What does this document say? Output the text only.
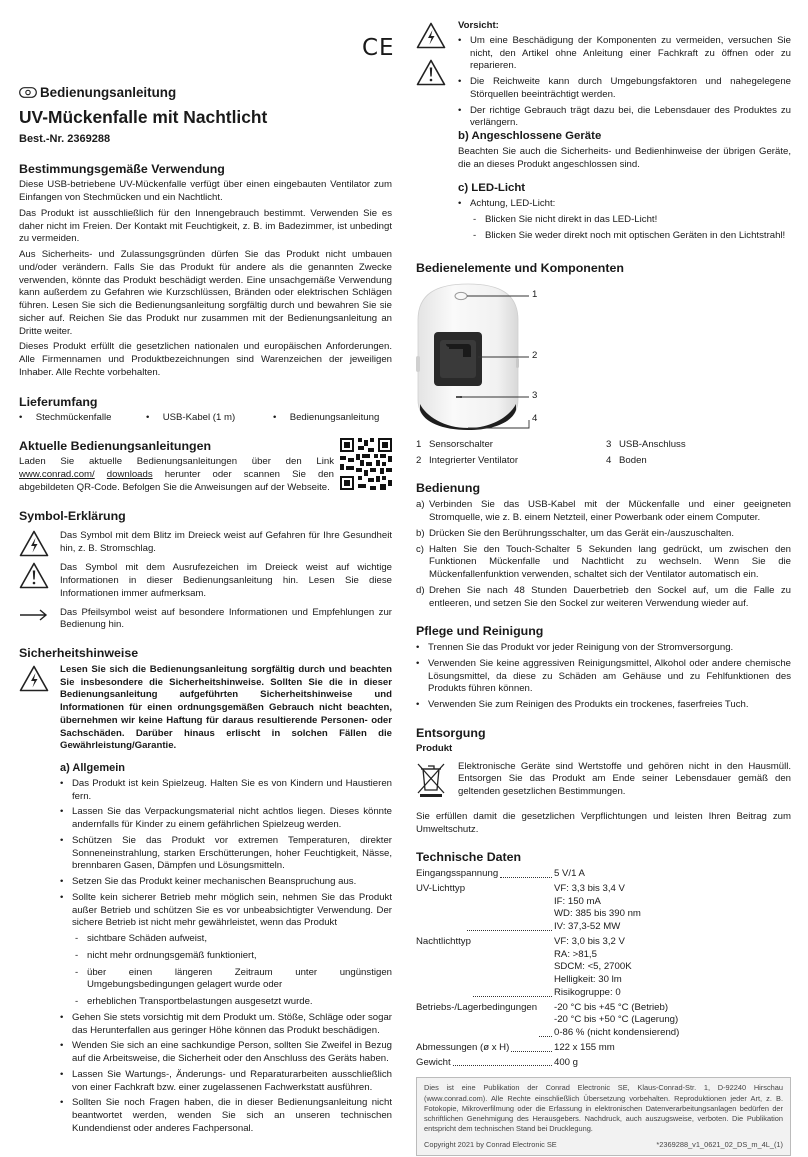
CE
Bedienungsanleitung
UV-Mückenfalle mit Nachtlicht
Best.-Nr. 2369288
Bestimmungsgemäße Verwendung

Diese USB-betriebene UV-Mückenfalle verfügt über einen eingebauten Ventilator zum Einfangen von Stechmücken und ein Nachtlicht.

Das Produkt ist ausschließlich für den Innengebrauch bestimmt. Verwenden Sie es daher nicht im Freien. Der Kontakt mit Feuchtigkeit, z. B. im Badezimmer, ist unbedingt zu vermeiden.

Aus Sicherheits- und Zulassungsgründen dürfen Sie das Produkt nicht umbauen und/oder verändern. Falls Sie das Produkt für andere als die genannten Zwecke verwenden, könnte das Produkt beschädigt werden. Eine unsachgemäße Verwendung kann außerdem zu Gefahren wie Kurzschlüssen, Bränden oder elektrischen Schlägen führen. Lesen Sie sich die Bedienungsanleitung sorgfältig durch und bewahren Sie sie sicher auf. Reichen Sie das Produkt nur zusammen mit der Bedienungsanleitung an Dritte weiter.

Dieses Produkt erfüllt die gesetzlichen nationalen und europäischen Anforderungen. Alle Firmennamen und Produktbezeichnungen sind Warenzeichen der jeweiligen Inhaber. Alle Rechte vorbehalten.

Lieferumfang
•     Stechmückenfalle	•     USB-Kabel (1 m)	•     Bedienungsanleitung
Aktuelle Bedienungsanleitungen

Laden Sie aktuelle Bedienungsanleitungen über den Link www.conrad.com/ downloads herunter oder scannen Sie den abgebildeten QR-Code. Befolgen Sie die Anweisungen auf der Webseite.

Symbol-Erklärung

Das Symbol mit dem Blitz im Dreieck weist auf Gefahren für Ihre Gesundheit hin, z. B. Stromschlag.

Das Symbol mit dem Ausrufezeichen im Dreieck weist auf wichtige Informationen in dieser Bedienungsanleitung hin. Lesen Sie diese Informationen immer aufmerksam.

Das Pfeilsymbol weist auf besondere Informationen und Empfehlungen zur Bedienung hin.

Sicherheitshinweise

Lesen Sie sich die Bedienungsanleitung sorgfältig durch und beachten Sie insbesondere die Sicherheitshinweise. Sollten Sie die in dieser Bedienungsanleitung aufgeführten Sicherheitshinweise und Informationen für einen ordnungsgemäßen Gebrauch nicht beachten, übernehmen wir keine Haftung für daraus resultierende Personen- oder Sachschäden. Darüber hinaus erlischt in solchen Fällen die Gewährleistung/Garantie.

a) Allgemein
• Das Produkt ist kein Spielzeug. Halten Sie es von Kindern und Haustieren fern.
• Lassen Sie das Verpackungsmaterial nicht achtlos liegen. Dieses könnte andernfalls für Kinder zu einem gefährlichen Spielzeug werden.
• Schützen Sie das Produkt vor extremen Temperaturen, direkter Sonneneinstrahlung, starken Erschütterungen, hoher Feuchtigkeit, Nässe, brennbaren Gasen, Dämpfen und Lösungsmitteln.
• Setzen Sie das Produkt keiner mechanischen Beanspruchung aus.
• Sollte kein sicherer Betrieb mehr möglich sein, nehmen Sie das Produkt außer Betrieb und schützen Sie es vor unbeabsichtigter Verwendung. Der sichere Betrieb ist nicht mehr gewährleistet, wenn das Produkt
- sichtbare Schäden aufweist,
- nicht mehr ordnungsgemäß funktioniert,
- über einen längeren Zeitraum unter ungünstigen Umgebungsbedingungen gelagert wurde oder
- erheblichen Transportbelastungen ausgesetzt wurde.
• Gehen Sie stets vorsichtig mit dem Produkt um. Stöße, Schläge oder sogar das Herunterfallen aus geringer Höhe können das Produkt beschädigen.
• Wenden Sie sich an eine sachkundige Person, sollten Sie Zweifel in Bezug auf die Arbeitsweise, die Sicherheit oder den Anschluss des Geräts haben.
• Lassen Sie Wartungs-, Änderungs- und Reparaturarbeiten ausschließlich von einer Fachkraft bzw. einer zugelassenen Fachwerkstatt ausführen.
• Sollten Sie noch Fragen haben, die in dieser Bedienungsanleitung nicht beantwortet werden, wenden Sie sich an unseren technischen Kundendienst oder anderes Fachpersonal.
Vorsicht:
• Um eine Beschädigung der Komponenten zu vermeiden, versuchen Sie nicht, den Artikel ohne Anleitung einer Fachkraft zu öffnen oder zu reparieren.
• Die Reichweite kann durch Umgebungsfaktoren und nahegelegene Störquellen beeinträchtigt werden.
• Der richtige Gebrauch trägt dazu bei, die Lebensdauer des Produktes zu verlängern.
b) Angeschlossene Geräte

Beachten Sie auch die Sicherheits- und Bedienhinweise der übrigen Geräte, die an dieses Produkt angeschlossen sind.

c) LED-Licht
• Achtung, LED-Licht:
- Blicken Sie nicht direkt in das LED-Licht!
- Blicken Sie weder direkt noch mit optischen Geräten in den Lichtstrahl!
Bedienelemente und Komponenten
1
2
3
4
1 Sensorschalter	3 USB-Anschluss
2 Integrierter Ventilator	4 Boden
Bedienung
a) Verbinden Sie das USB-Kabel mit der Mückenfalle und einer geeigneten Stromquelle, wie z. B. einem Netzteil, einer Powerbank oder einem Computer.
b) Drücken Sie den Berührungsschalter, um das Gerät ein-/auszuschalten.
c) Halten Sie den Touch-Schalter 5 Sekunden lang gedrückt, um zwischen den Funktionen Mückenfalle und Nachtlicht zu wechseln. Wenn Sie die Mückenfallenfunktion verwenden, schaltet sich der Ventilator automatisch ein.
d) Drehen Sie nach 48 Stunden Dauerbetrieb den Sockel auf, um die Falle zu entleeren, und setzen Sie den Sockel zur weiteren Verwendung wieder auf.
Pflege und Reinigung
• Trennen Sie das Produkt vor jeder Reinigung von der Stromversorgung.
• Verwenden Sie keine aggressiven Reinigungsmittel, Alkohol oder andere chemische Lösungsmittel, da diese zu Schäden am Gehäuse und zu Fehlfunktionen des Produkts führen können.
• Verwenden Sie zum Reinigen des Produkts ein trockenes, faserfreies Tuch.
Entsorgung
Produkt

Elektronische Geräte sind Wertstoffe und gehören nicht in den Hausmüll. Entsorgen Sie das Produkt am Ende seiner Lebensdauer gemäß den geltenden gesetzlichen Bestimmungen.

Sie erfüllen damit die gesetzlichen Verpflichtungen und leisten Ihren Beitrag zum Umweltschutz.

Technische Daten
Eingangsspannung	5 V/1 A
UV-Lichttyp	VF: 3,3 bis 3,4 V
IF: 150 mA
WD: 385 bis 390 nm
IV: 37,3-52 MW
Nachtlichttyp	VF: 3,0 bis 3,2 V
RA: >81,5
SDCM: <5, 2700K
Helligkeit: 30 lm
Risikogruppe: 0
Betriebs-/Lagerbedingungen -20 °C bis +45 °C (Betrieb)
-20 °C bis +50 °C (Lagerung)
0-86 % (nicht kondensierend)
Abmessungen (ø x H)	122 x 155 mm
Gewicht	400 g

Dies ist eine Publikation der Conrad Electronic SE, Klaus-Conrad-Str. 1, D-92240 Hirschau (www.conrad.com). Alle Rechte einschließlich Übersetzung vorbehalten. Reproduktionen jeder Art, z. B. Fotokopie, Mikroverfilmung oder die Erfassung in elektronischen Datenverarbeitungsanlagen bedürfen der schriftlichen Genehmigung des Herausgebers. Nachdruck, auch auszugsweise, verboten. Die Publikation entspricht dem technischen Stand bei Drucklegung.

Copyright 2021 by Conrad Electronic SE	*2369288_v1_0621_02_DS_m_4L_(1)
